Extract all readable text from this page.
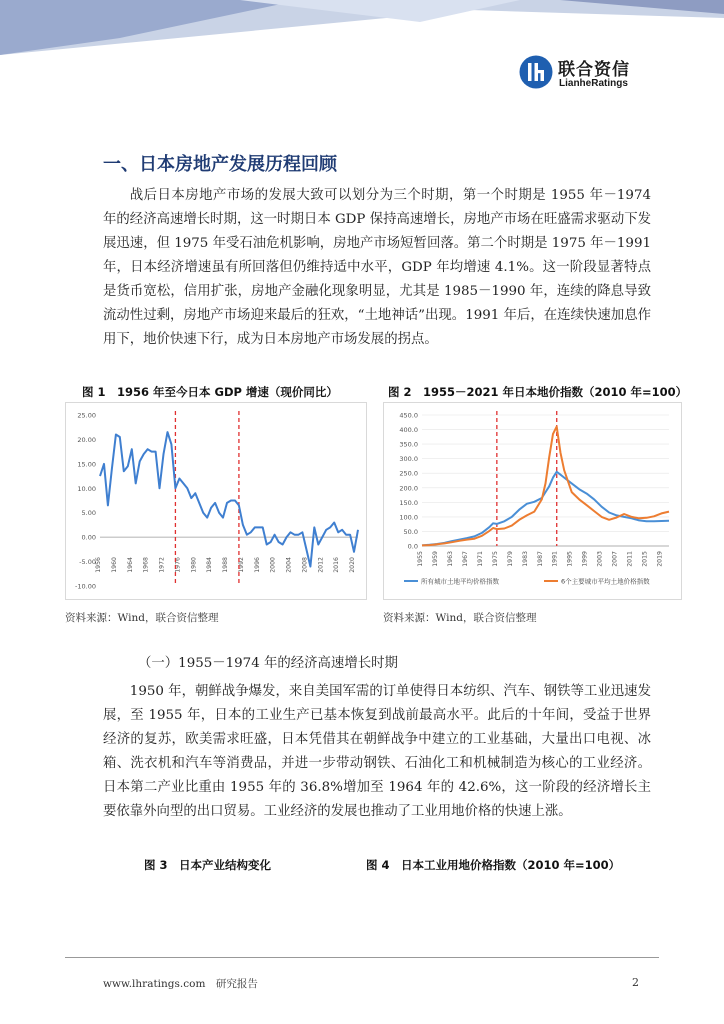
联合资信
LianheRatings
一、日本房地产发展历程回顾

战后日本房地产市场的发展大致可以划分为三个时期，第一个时期是 1955 年－1974 年的经济高速增长时期，这一时期日本 GDP 保持高速增长，房地产市场在旺盛需求驱动下发展迅速，但 1975 年受石油危机影响，房地产市场短暂回落。第二个时期是 1975 年－1991 年，日本经济增速虽有所回落但仍维持适中水平，GDP 年均增速 4.1%。这一阶段显著特点是货币宽松，信用扩张，房地产金融化现象明显，尤其是 1985－1990 年，连续的降息导致流动性过剩，房地产市场迎来最后的狂欢，“土地神话”出现。1991 年后，在连续快速加息作用下，地价快速下行，成为日本房地产市场发展的拐点。

图 1　1956 年至今日本 GDP 增速（现价同比）	图 2　1955－2021 年日本地价指数（2010 年=100）
25.00
20.00
15.00
10.00
5.00
0.00
-5.00
-10.00
1956 1960 1964 1968 1972 1976 1980 1984 1988 1992 1996 2000 2004 2008 2012 2016 2020
450.0
400.0
350.0
300.0
250.0
200.0
150.0
100.0
50.0
0.0
1955 1959 1963 1967 1971 1975 1979 1983 1987 1991 1995 1999 2003 2007 2011 2015 2019
所有城市土地平均价格指数	6个主要城市平均土地价格指数
资料来源：Wind，联合资信整理	资料来源：Wind，联合资信整理
（一）1955－1974 年的经济高速增长时期

1950 年，朝鲜战争爆发，来自美国军需的订单使得日本纺织、汽车、钢铁等工业迅速发展，至 1955 年，日本的工业生产已基本恢复到战前最高水平。此后的十年间，受益于世界经济的复苏，欧美需求旺盛，日本凭借其在朝鲜战争中建立的工业基础，大量出口电视、冰箱、洗衣机和汽车等消费品，并进一步带动钢铁、石油化工和机械制造为核心的工业经济。日本第二产业比重由 1955 年的 36.8%增加至 1964 年的 42.6%，这一阶段的经济增长主要依靠外向型的出口贸易。工业经济的发展也推动了工业用地价格的快速上涨。

图 3　日本产业结构变化	图 4　日本工业用地价格指数（2010 年=100）
www.lhratings.com　研究报告	2
